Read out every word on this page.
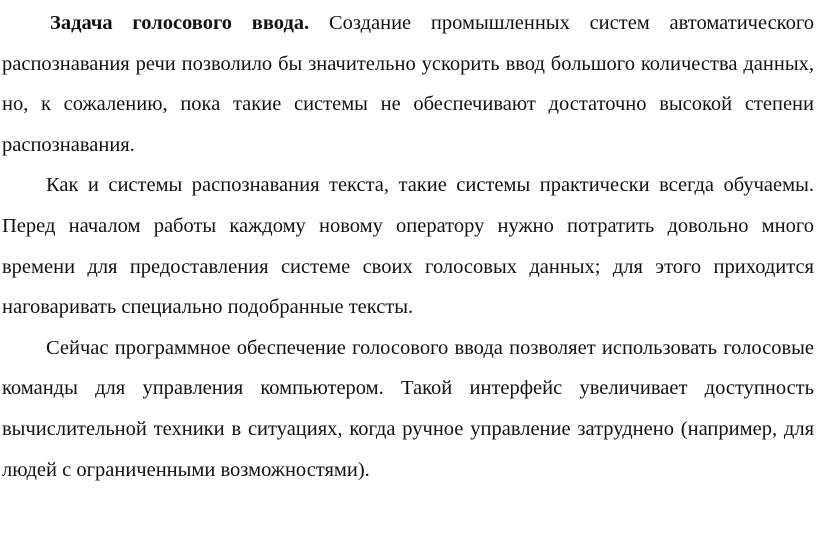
Задача голосового ввода. Создание промышленных систем автоматического распознавания речи позволило бы значительно ускорить ввод большого количества данных, но, к сожалению, пока такие системы не обеспечивают достаточно высокой степени распознавания.

Как и системы распознавания текста, такие системы практически всегда обучаемы. Перед началом работы каждому новому оператору нужно потратить довольно много времени для предоставления системе своих голосовых данных; для этого приходится наговаривать специально подобранные тексты.

Сейчас программное обеспечение голосового ввода позволяет использовать голосовые команды для управления компьютером. Такой интерфейс увеличивает доступность вычислительной техники в ситуациях, когда ручное управление затруднено (например, для людей с ограниченными возможностями).
